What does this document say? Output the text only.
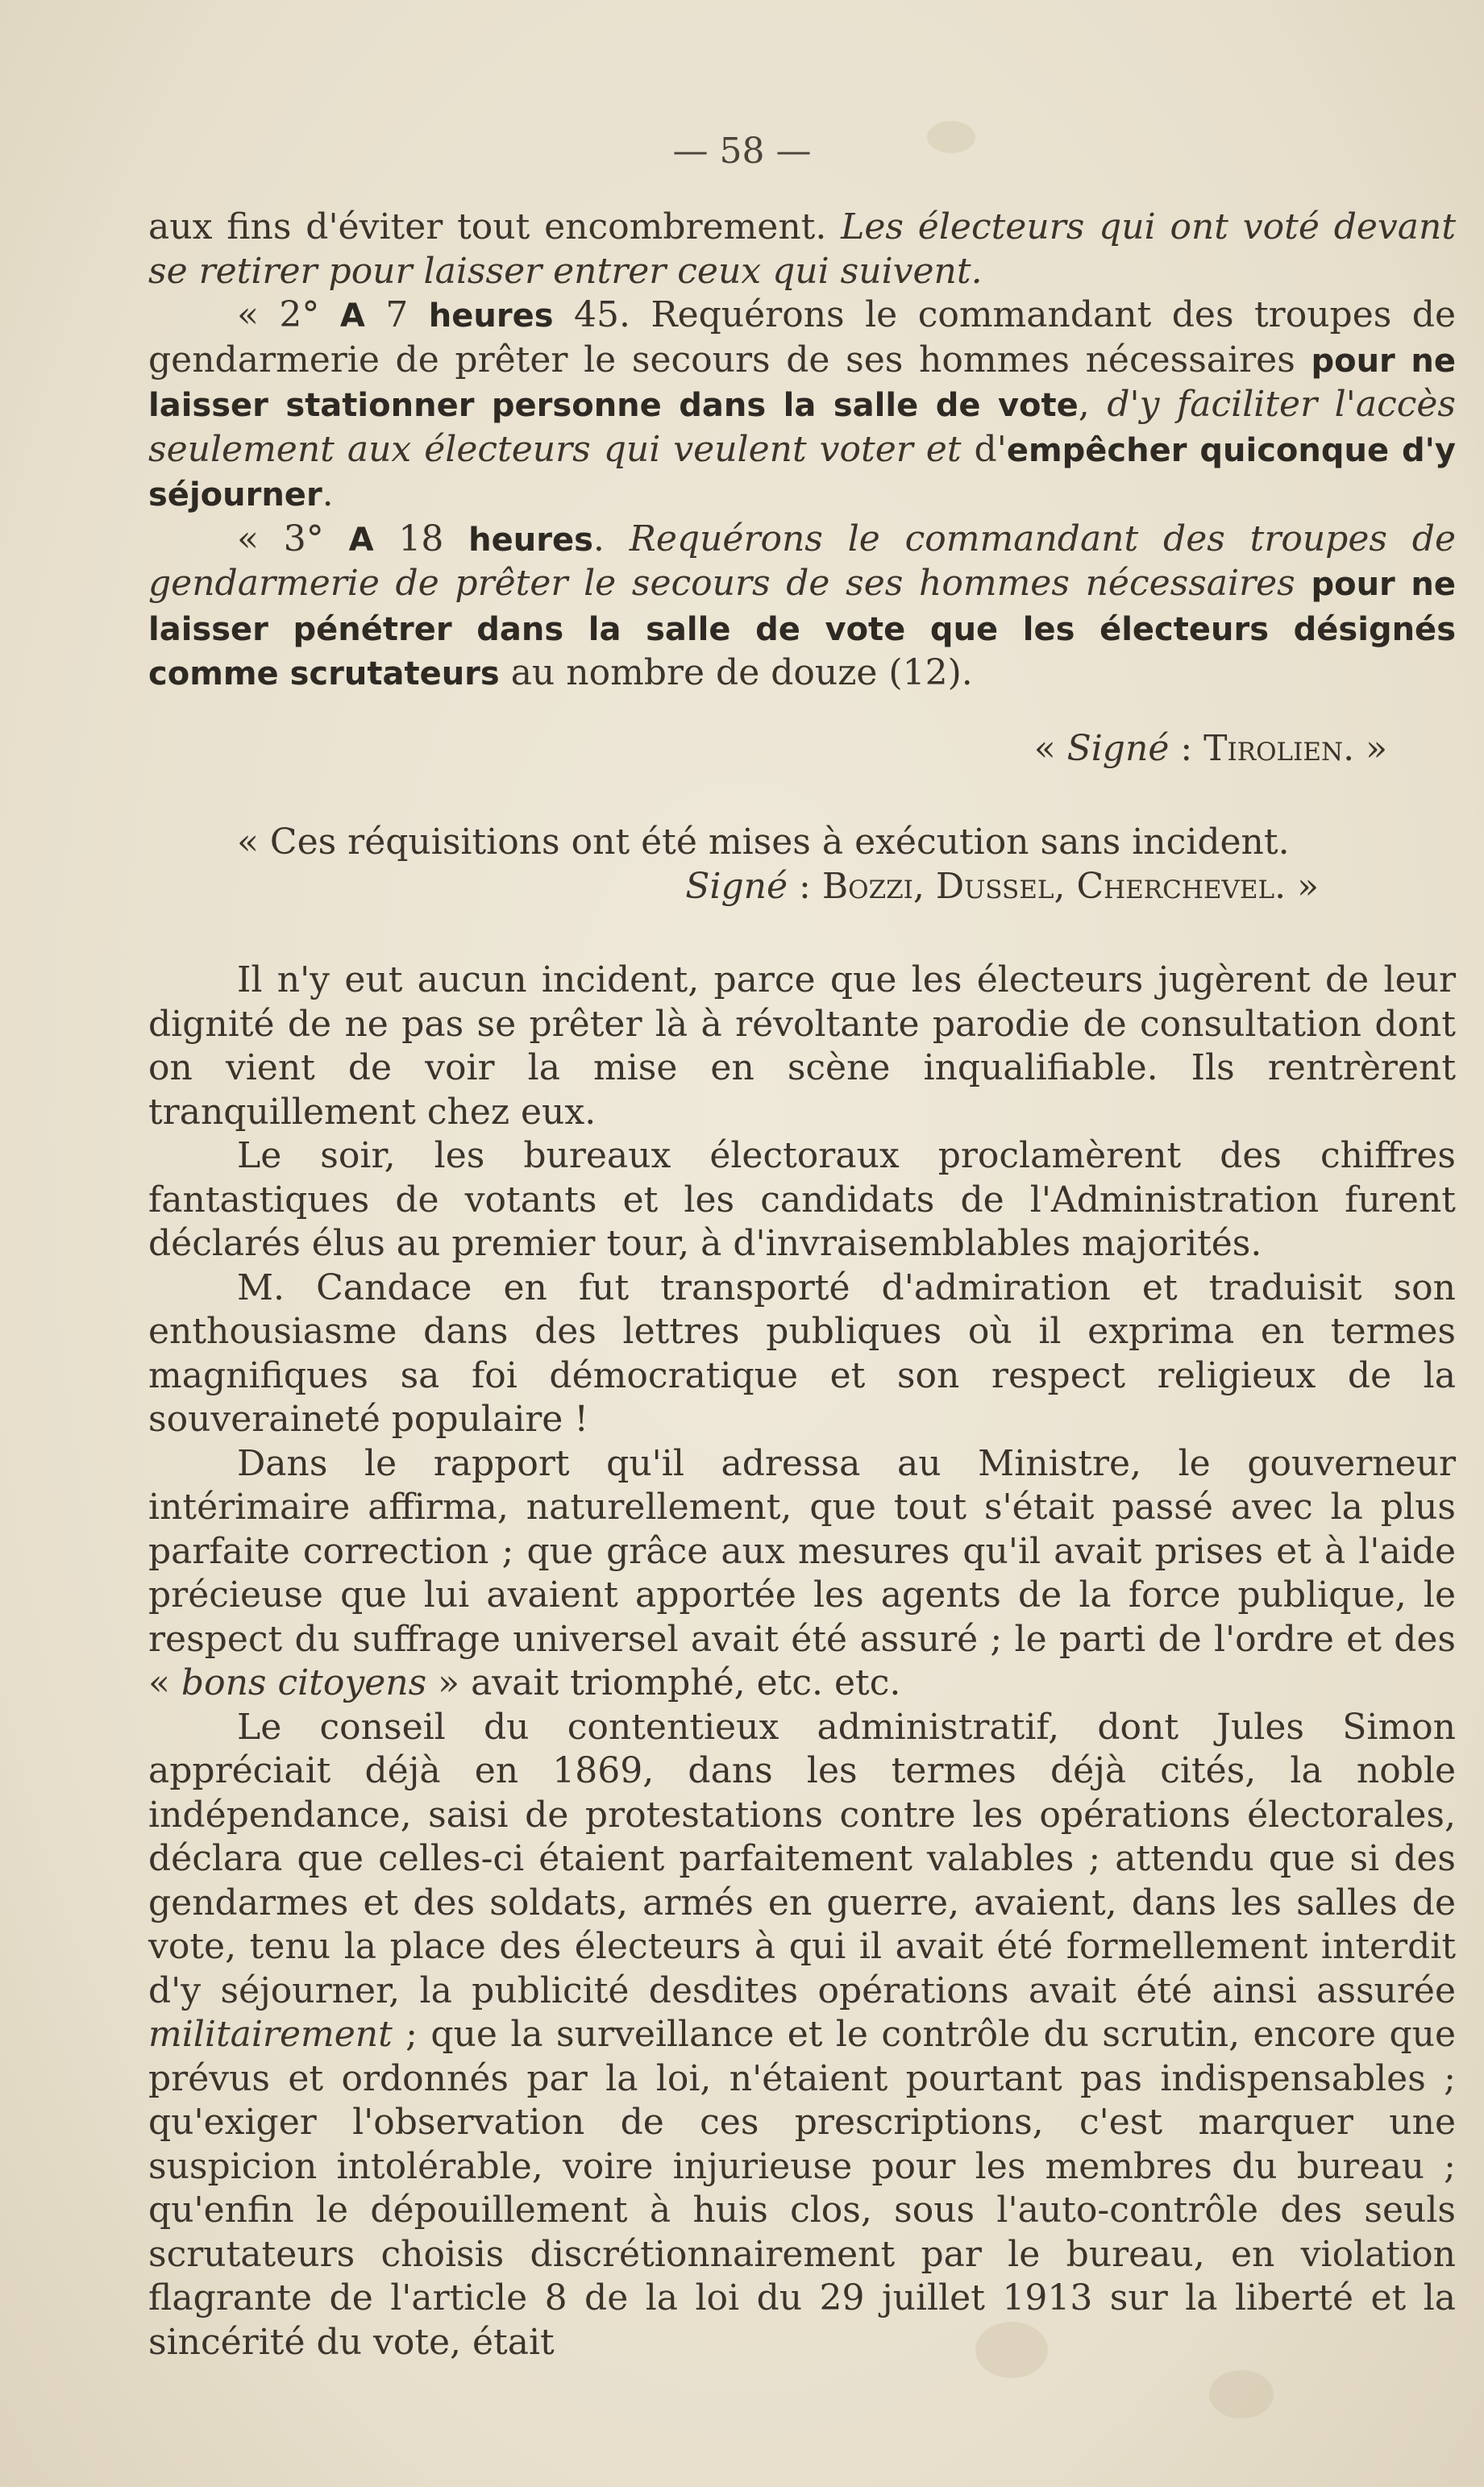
— 58 —

aux fins d'éviter tout encombrement. Les électeurs qui ont voté devant se retirer pour laisser entrer ceux qui suivent.

« 2° A 7 heures 45. Requérons le commandant des troupes de gendarmerie de prêter le secours de ses hommes nécessaires pour ne laisser stationner personne dans la salle de vote, d'y faciliter l'accès seulement aux électeurs qui veulent voter et d'empêcher quiconque d'y séjourner.

« 3° A 18 heures. Requérons le commandant des troupes de gendarmerie de prêter le secours de ses hommes nécessaires pour ne laisser pénétrer dans la salle de vote que les électeurs désignés comme scrutateurs au nombre de douze (12).

« Signé : Tirolien. »

« Ces réquisitions ont été mises à exécution sans incident.

Signé : Bozzi, Dussel, Cherchevel. »

Il n'y eut aucun incident, parce que les électeurs jugèrent de leur dignité de ne pas se prêter là à révoltante parodie de consultation dont on vient de voir la mise en scène inqualifiable. Ils rentrèrent tranquillement chez eux.

Le soir, les bureaux électoraux proclamèrent des chiffres fantastiques de votants et les candidats de l'Administration furent déclarés élus au premier tour, à d'invraisemblables majorités.

M. Candace en fut transporté d'admiration et traduisit son enthousiasme dans des lettres publiques où il exprima en termes magnifiques sa foi démocratique et son respect religieux de la souveraineté populaire !

Dans le rapport qu'il adressa au Ministre, le gouverneur intérimaire affirma, naturellement, que tout s'était passé avec la plus parfaite correction ; que grâce aux mesures qu'il avait prises et à l'aide précieuse que lui avaient apportée les agents de la force publique, le respect du suffrage universel avait été assuré ; le parti de l'ordre et des « bons citoyens » avait triomphé, etc. etc.

Le conseil du contentieux administratif, dont Jules Simon appréciait déjà en 1869, dans les termes déjà cités, la noble indépendance, saisi de protestations contre les opérations électorales, déclara que celles-ci étaient parfaitement valables ; attendu que si des gendarmes et des soldats, armés en guerre, avaient, dans les salles de vote, tenu la place des électeurs à qui il avait été formellement interdit d'y séjourner, la publicité desdites opérations avait été ainsi assurée militairement ; que la surveillance et le contrôle du scrutin, encore que prévus et ordonnés par la loi, n'étaient pourtant pas indispensables ; qu'exiger l'observation de ces prescriptions, c'est marquer une suspicion intolérable, voire injurieuse pour les membres du bureau ; qu'enfin le dépouillement à huis clos, sous l'auto-contrôle des seuls scrutateurs choisis discrétionnairement par le bureau, en violation flagrante de l'article 8 de la loi du 29 juillet 1913 sur la liberté et la sincérité du vote, était
